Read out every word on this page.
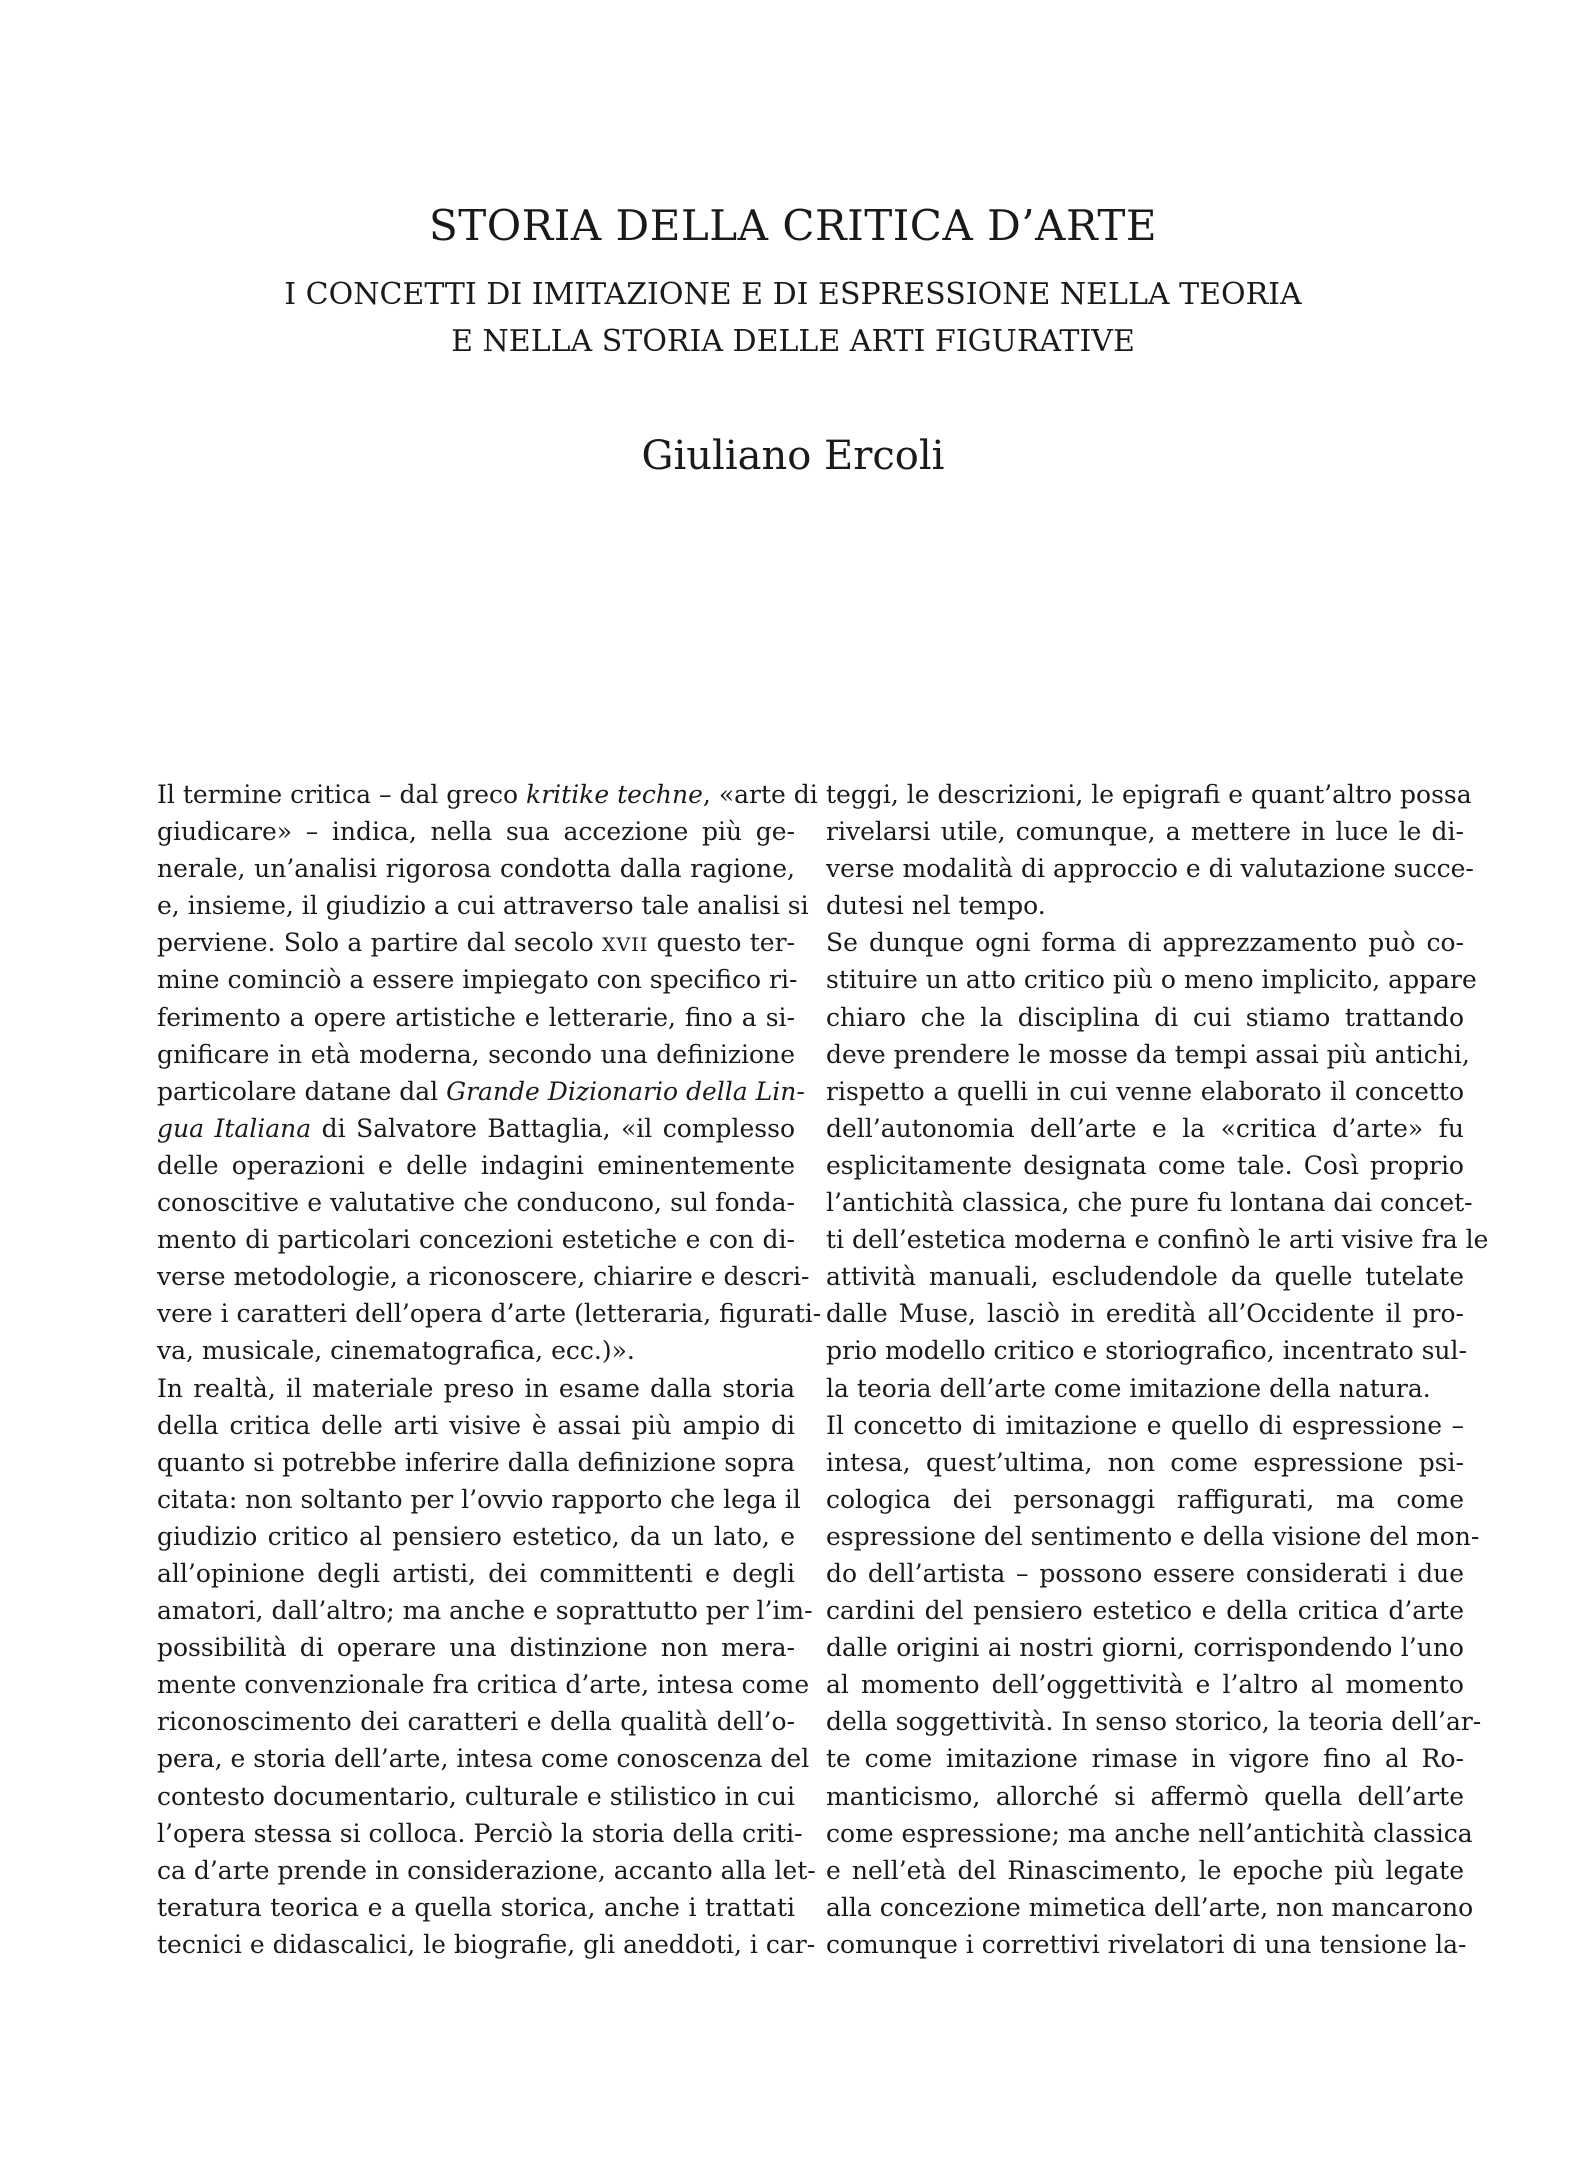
STORIA DELLA CRITICA D’ARTE
I CONCETTI DI IMITAZIONE E DI ESPRESSIONE NELLA TEORIA
E NELLA STORIA DELLE ARTI FIGURATIVE
Giuliano Ercoli
Il termine critica – dal greco kritike techne, «arte di
giudicare» – indica, nella sua accezione più ge-
nerale, un’analisi rigorosa condotta dalla ragione,
e, insieme, il giudizio a cui attraverso tale analisi si
perviene. Solo a partire dal secolo XVII questo ter-
mine cominciò a essere impiegato con specifico ri-
ferimento a opere artistiche e letterarie, fino a si-
gnificare in età moderna, secondo una definizione
particolare datane dal Grande Dizionario della Lin-
gua Italiana di Salvatore Battaglia, «il complesso
delle operazioni e delle indagini eminentemente
conoscitive e valutative che conducono, sul fonda-
mento di particolari concezioni estetiche e con di-
verse metodologie, a riconoscere, chiarire e descri-
vere i caratteri dell’opera d’arte (letteraria, figurati-
va, musicale, cinematografica, ecc.)».
In realtà, il materiale preso in esame dalla storia
della critica delle arti visive è assai più ampio di
quanto si potrebbe inferire dalla definizione sopra
citata: non soltanto per l’ovvio rapporto che lega il
giudizio critico al pensiero estetico, da un lato, e
all’opinione degli artisti, dei committenti e degli
amatori, dall’altro; ma anche e soprattutto per l’im-
possibilità di operare una distinzione non mera-
mente convenzionale fra critica d’arte, intesa come
riconoscimento dei caratteri e della qualità dell’o-
pera, e storia dell’arte, intesa come conoscenza del
contesto documentario, culturale e stilistico in cui
l’opera stessa si colloca. Perciò la storia della criti-
ca d’arte prende in considerazione, accanto alla let-
teratura teorica e a quella storica, anche i trattati
tecnici e didascalici, le biografie, gli aneddoti, i car-
teggi, le descrizioni, le epigrafi e quant’altro possa
rivelarsi utile, comunque, a mettere in luce le di-
verse modalità di approccio e di valutazione succe-
dutesi nel tempo.
Se dunque ogni forma di apprezzamento può co-
stituire un atto critico più o meno implicito, appare
chiaro che la disciplina di cui stiamo trattando
deve prendere le mosse da tempi assai più antichi,
rispetto a quelli in cui venne elaborato il concetto
dell’autonomia dell’arte e la «critica d’arte» fu
esplicitamente designata come tale. Così proprio
l’antichità classica, che pure fu lontana dai concet-
ti dell’estetica moderna e confinò le arti visive fra le
attività manuali, escludendole da quelle tutelate
dalle Muse, lasciò in eredità all’Occidente il pro-
prio modello critico e storiografico, incentrato sul-
la teoria dell’arte come imitazione della natura.
Il concetto di imitazione e quello di espressione –
intesa, quest’ultima, non come espressione psi-
cologica dei personaggi raffigurati, ma come
espressione del sentimento e della visione del mon-
do dell’artista – possono essere considerati i due
cardini del pensiero estetico e della critica d’arte
dalle origini ai nostri giorni, corrispondendo l’uno
al momento dell’oggettività e l’altro al momento
della soggettività. In senso storico, la teoria dell’ar-
te come imitazione rimase in vigore fino al Ro-
manticismo, allorché si affermò quella dell’arte
come espressione; ma anche nell’antichità classica
e nell’età del Rinascimento, le epoche più legate
alla concezione mimetica dell’arte, non mancarono
comunque i correttivi rivelatori di una tensione la-
